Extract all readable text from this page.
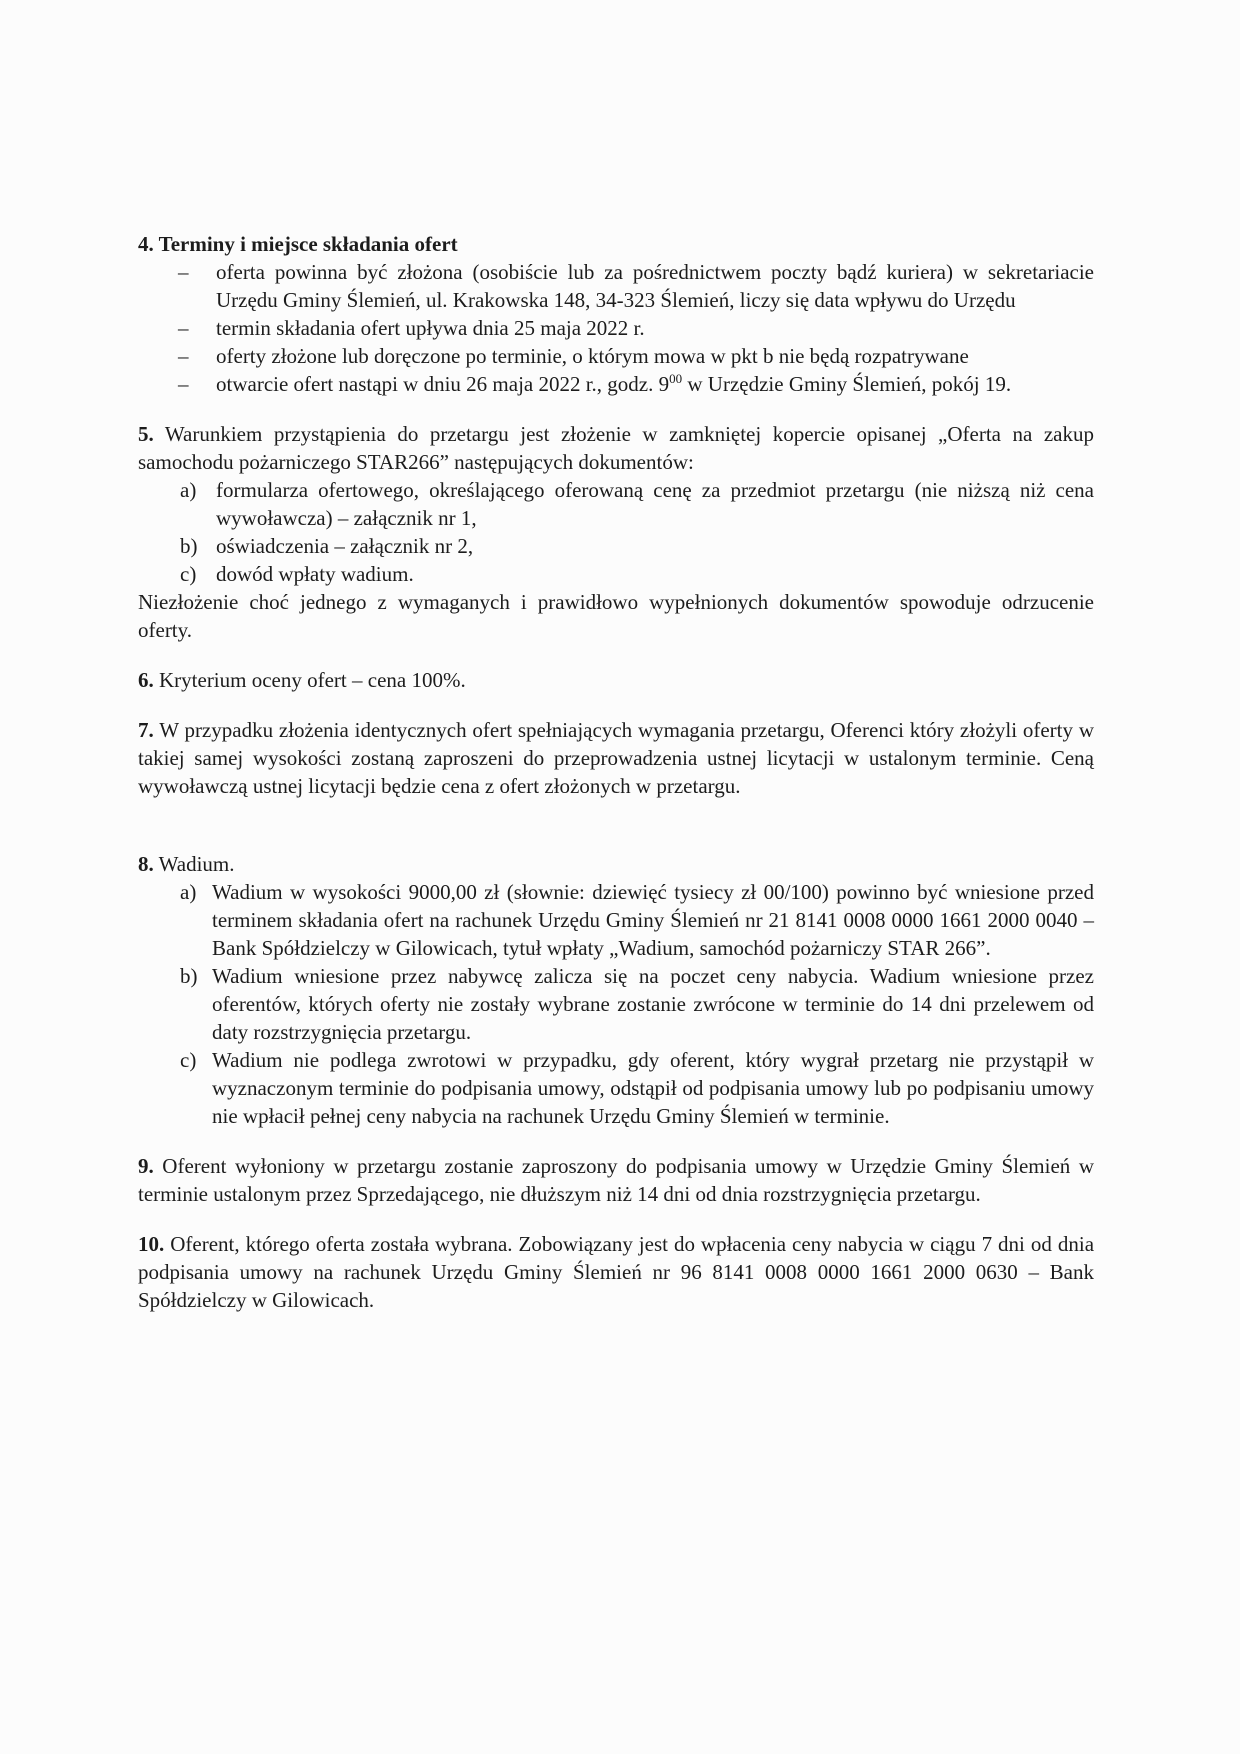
4. Terminy i miejsce składania ofert
– oferta powinna być złożona (osobiście lub za pośrednictwem poczty bądź kuriera) w sekretariacie Urzędu Gminy Ślemień, ul. Krakowska 148, 34-323 Ślemień, liczy się data wpływu do Urzędu
– termin składania ofert upływa dnia 25 maja 2022 r.
– oferty złożone lub doręczone po terminie, o którym mowa w pkt b nie będą rozpatrywane
– otwarcie ofert nastąpi w dniu 26 maja 2022 r., godz. $9^{00}$ w Urzędzie Gminy Ślemień, pokój 19.

5. Warunkiem przystąpienia do przetargu jest złożenie w zamkniętej kopercie opisanej „Oferta na zakup samochodu pożarniczego STAR266” następujących dokumentów:

a) formularza ofertowego, określającego oferowaną cenę za przedmiot przetargu (nie niższą niż cena wywoławcza) – załącznik nr 1,
b) oświadczenia – załącznik nr 2,
c) dowód wpłaty wadium.

Niezłożenie choć jednego z wymaganych i prawidłowo wypełnionych dokumentów spowoduje odrzucenie oferty.

6. Kryterium oceny ofert – cena 100%.

7. W przypadku złożenia identycznych ofert spełniających wymagania przetargu, Oferenci który złożyli oferty w takiej samej wysokości zostaną zaproszeni do przeprowadzenia ustnej licytacji w ustalonym terminie. Ceną wywoławczą ustnej licytacji będzie cena z ofert złożonych w przetargu.

8. Wadium.

a) Wadium w wysokości 9000,00 zł (słownie: dziewięć tysiecy zł 00/100) powinno być wniesione przed terminem składania ofert na rachunek Urzędu Gminy Ślemień nr 21 8141 0008 0000 1661 2000 0040 – Bank Spółdzielczy w Gilowicach, tytuł wpłaty „Wadium, samochód pożarniczy STAR 266”.
b) Wadium wniesione przez nabywcę zalicza się na poczet ceny nabycia. Wadium wniesione przez oferentów, których oferty nie zostały wybrane zostanie zwrócone w terminie do 14 dni przelewem od daty rozstrzygnięcia przetargu.
c) Wadium nie podlega zwrotowi w przypadku, gdy oferent, który wygrał przetarg nie przystąpił w wyznaczonym terminie do podpisania umowy, odstąpił od podpisania umowy lub po podpisaniu umowy nie wpłacił pełnej ceny nabycia na rachunek Urzędu Gminy Ślemień w terminie.

9. Oferent wyłoniony w przetargu zostanie zaproszony do podpisania umowy w Urzędzie Gminy Ślemień w terminie ustalonym przez Sprzedającego, nie dłuższym niż 14 dni od dnia rozstrzygnięcia przetargu.

10. Oferent, którego oferta została wybrana. Zobowiązany jest do wpłacenia ceny nabycia w ciągu 7 dni od dnia podpisania umowy na rachunek Urzędu Gminy Ślemień nr 96 8141 0008 0000 1661 2000 0630 – Bank Spółdzielczy w Gilowicach.
